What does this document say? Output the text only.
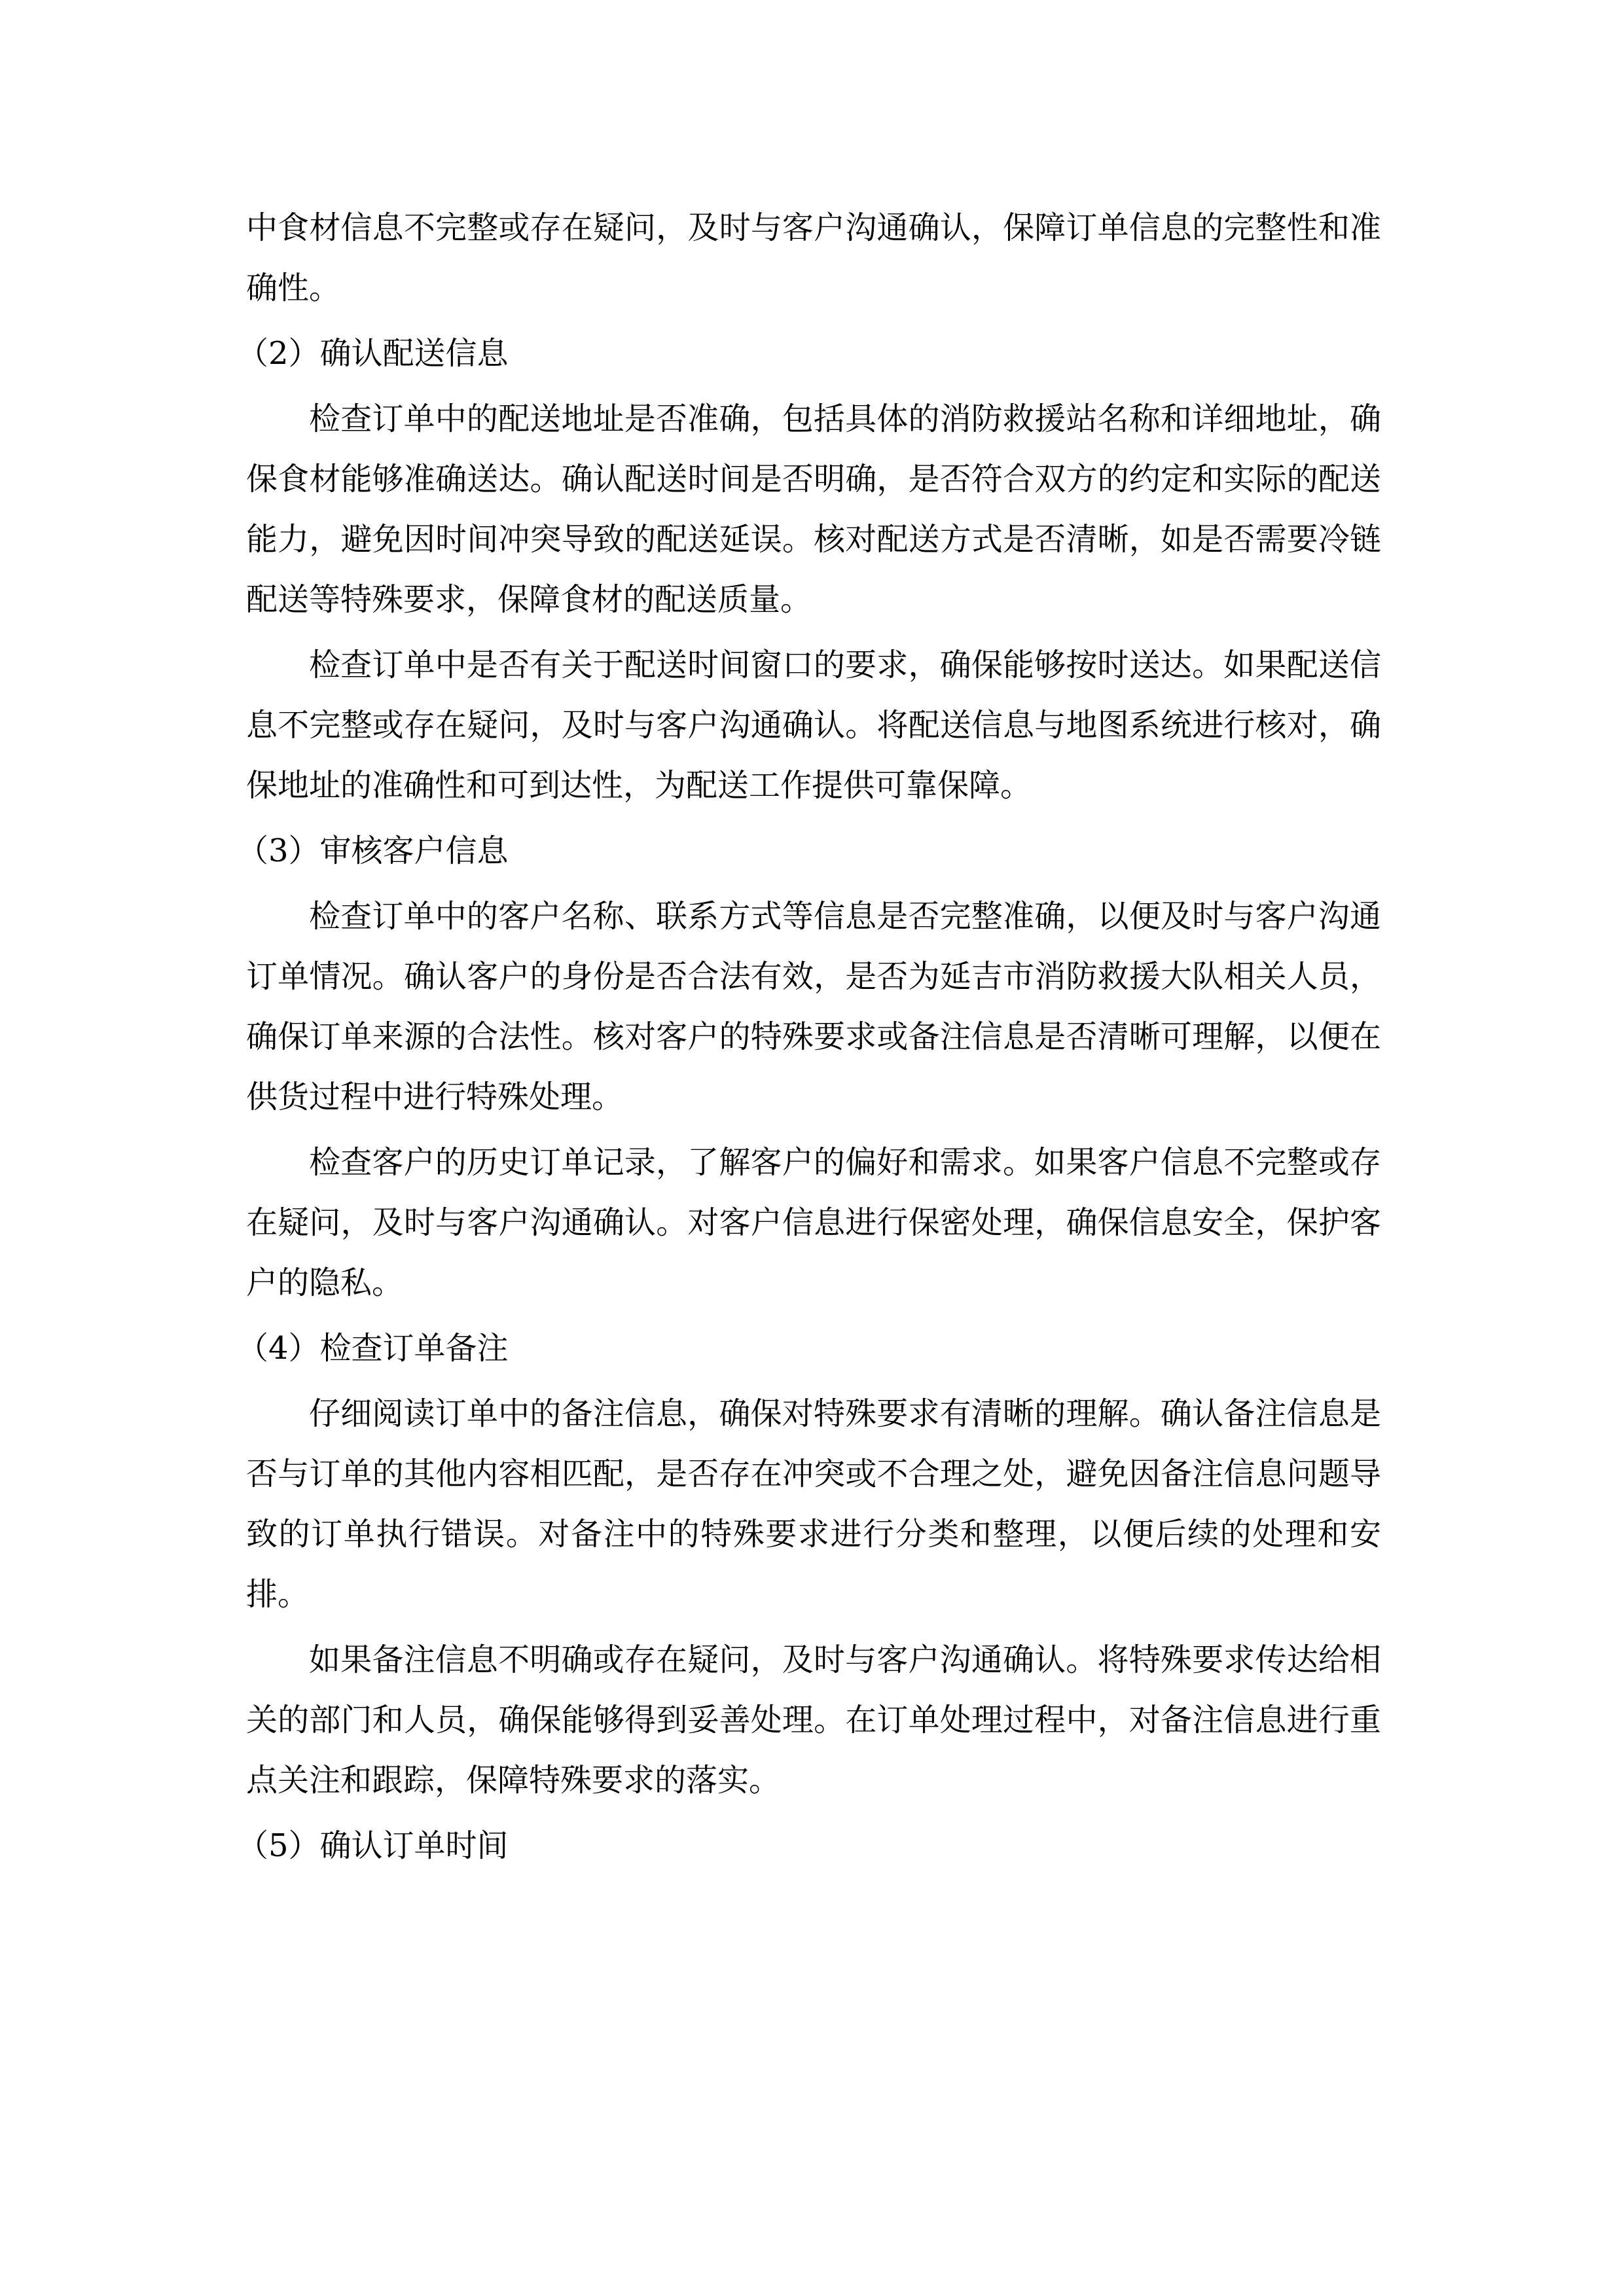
中食材信息不完整或存在疑问，及时与客户沟通确认，保障订单信息的完整性和准确性。

（2）确认配送信息

检查订单中的配送地址是否准确，包括具体的消防救援站名称和详细地址，确保食材能够准确送达。确认配送时间是否明确，是否符合双方的约定和实际的配送能力，避免因时间冲突导致的配送延误。核对配送方式是否清晰，如是否需要冷链配送等特殊要求，保障食材的配送质量。

检查订单中是否有关于配送时间窗口的要求，确保能够按时送达。如果配送信息不完整或存在疑问，及时与客户沟通确认。将配送信息与地图系统进行核对，确保地址的准确性和可到达性，为配送工作提供可靠保障。

（3）审核客户信息

检查订单中的客户名称、联系方式等信息是否完整准确，以便及时与客户沟通订单情况。确认客户的身份是否合法有效，是否为延吉市消防救援大队相关人员，确保订单来源的合法性。核对客户的特殊要求或备注信息是否清晰可理解，以便在供货过程中进行特殊处理。

检查客户的历史订单记录，了解客户的偏好和需求。如果客户信息不完整或存在疑问，及时与客户沟通确认。对客户信息进行保密处理，确保信息安全，保护客户的隐私。

（4）检查订单备注

仔细阅读订单中的备注信息，确保对特殊要求有清晰的理解。确认备注信息是否与订单的其他内容相匹配，是否存在冲突或不合理之处，避免因备注信息问题导致的订单执行错误。对备注中的特殊要求进行分类和整理，以便后续的处理和安排。

如果备注信息不明确或存在疑问，及时与客户沟通确认。将特殊要求传达给相关的部门和人员，确保能够得到妥善处理。在订单处理过程中，对备注信息进行重点关注和跟踪，保障特殊要求的落实。

（5）确认订单时间
